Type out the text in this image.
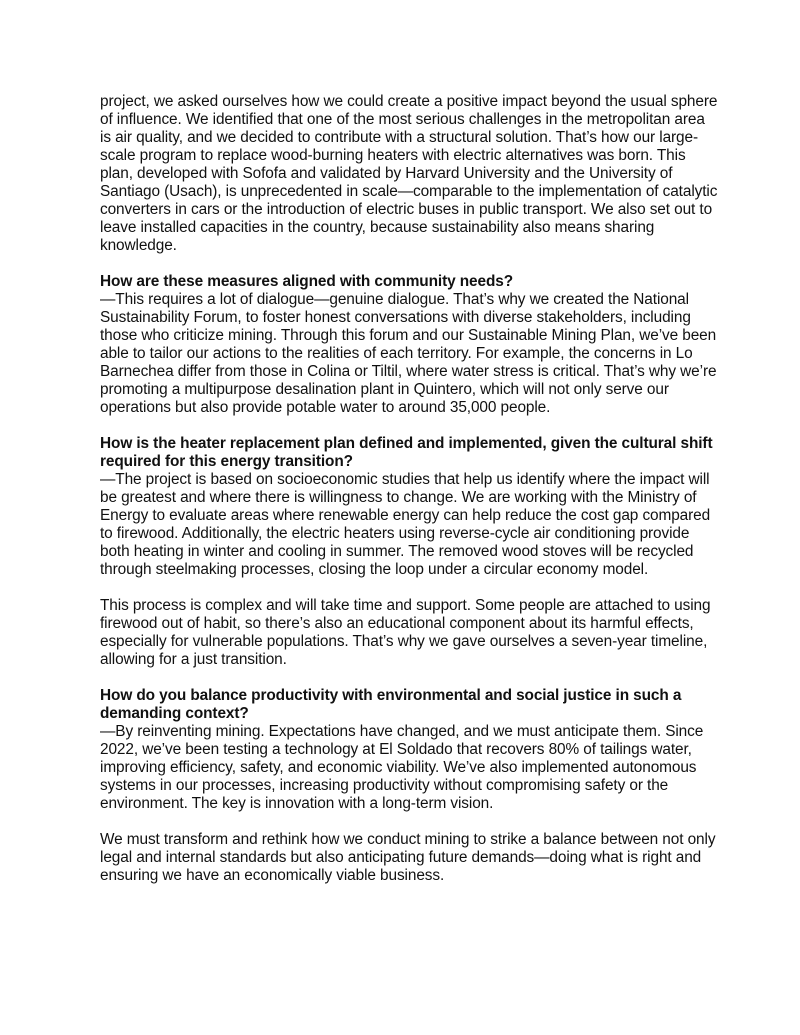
project, we asked ourselves how we could create a positive impact beyond the usual sphere of influence. We identified that one of the most serious challenges in the metropolitan area is air quality, and we decided to contribute with a structural solution. That’s how our large-scale program to replace wood-burning heaters with electric alternatives was born. This plan, developed with Sofofa and validated by Harvard University and the University of Santiago (Usach), is unprecedented in scale—comparable to the implementation of catalytic converters in cars or the introduction of electric buses in public transport. We also set out to leave installed capacities in the country, because sustainability also means sharing knowledge.

How are these measures aligned with community needs?

—This requires a lot of dialogue—genuine dialogue. That’s why we created the National Sustainability Forum, to foster honest conversations with diverse stakeholders, including those who criticize mining. Through this forum and our Sustainable Mining Plan, we’ve been able to tailor our actions to the realities of each territory. For example, the concerns in Lo Barnechea differ from those in Colina or Tiltil, where water stress is critical. That’s why we’re promoting a multipurpose desalination plant in Quintero, which will not only serve our operations but also provide potable water to around 35,000 people.

How is the heater replacement plan defined and implemented, given the cultural shift required for this energy transition?

—The project is based on socioeconomic studies that help us identify where the impact will be greatest and where there is willingness to change. We are working with the Ministry of Energy to evaluate areas where renewable energy can help reduce the cost gap compared to firewood. Additionally, the electric heaters using reverse-cycle air conditioning provide both heating in winter and cooling in summer. The removed wood stoves will be recycled through steelmaking processes, closing the loop under a circular economy model.

This process is complex and will take time and support. Some people are attached to using firewood out of habit, so there’s also an educational component about its harmful effects, especially for vulnerable populations. That’s why we gave ourselves a seven-year timeline, allowing for a just transition.

How do you balance productivity with environmental and social justice in such a demanding context?

—By reinventing mining. Expectations have changed, and we must anticipate them. Since 2022, we’ve been testing a technology at El Soldado that recovers 80% of tailings water, improving efficiency, safety, and economic viability. We’ve also implemented autonomous systems in our processes, increasing productivity without compromising safety or the environment. The key is innovation with a long-term vision.

We must transform and rethink how we conduct mining to strike a balance between not only legal and internal standards but also anticipating future demands—doing what is right and ensuring we have an economically viable business.
